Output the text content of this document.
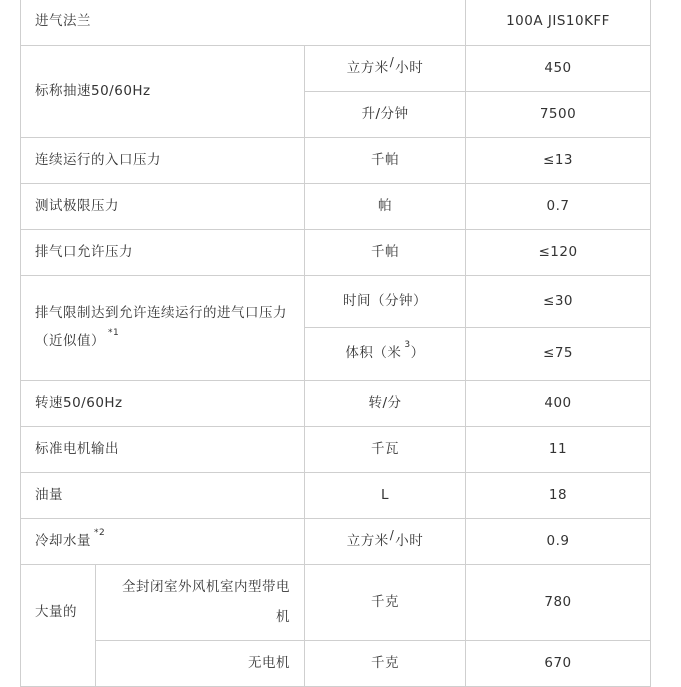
进气法兰			100A JIS10KFF
标称抽速50/60Hz		立方米/小时	450
		升/分钟	7500
连续运行的入口压力		千帕	≤13
测试极限压力		帕	0.7
排气口允许压力		千帕	≤120
排气限制达到允许连续运行的进气口压力（近似值） $^{*1}$		时间（分钟）	≤30
		体积（米 $^3$）	≤75
转速50/60Hz		转/分	400
标准电机输出		千瓦	11
油量		L	18
冷却水量 $^{*2}$		立方米/小时	0.9
大量的	全封闭室外风机室内型带电机	千克	780
	无电机	千克	670
